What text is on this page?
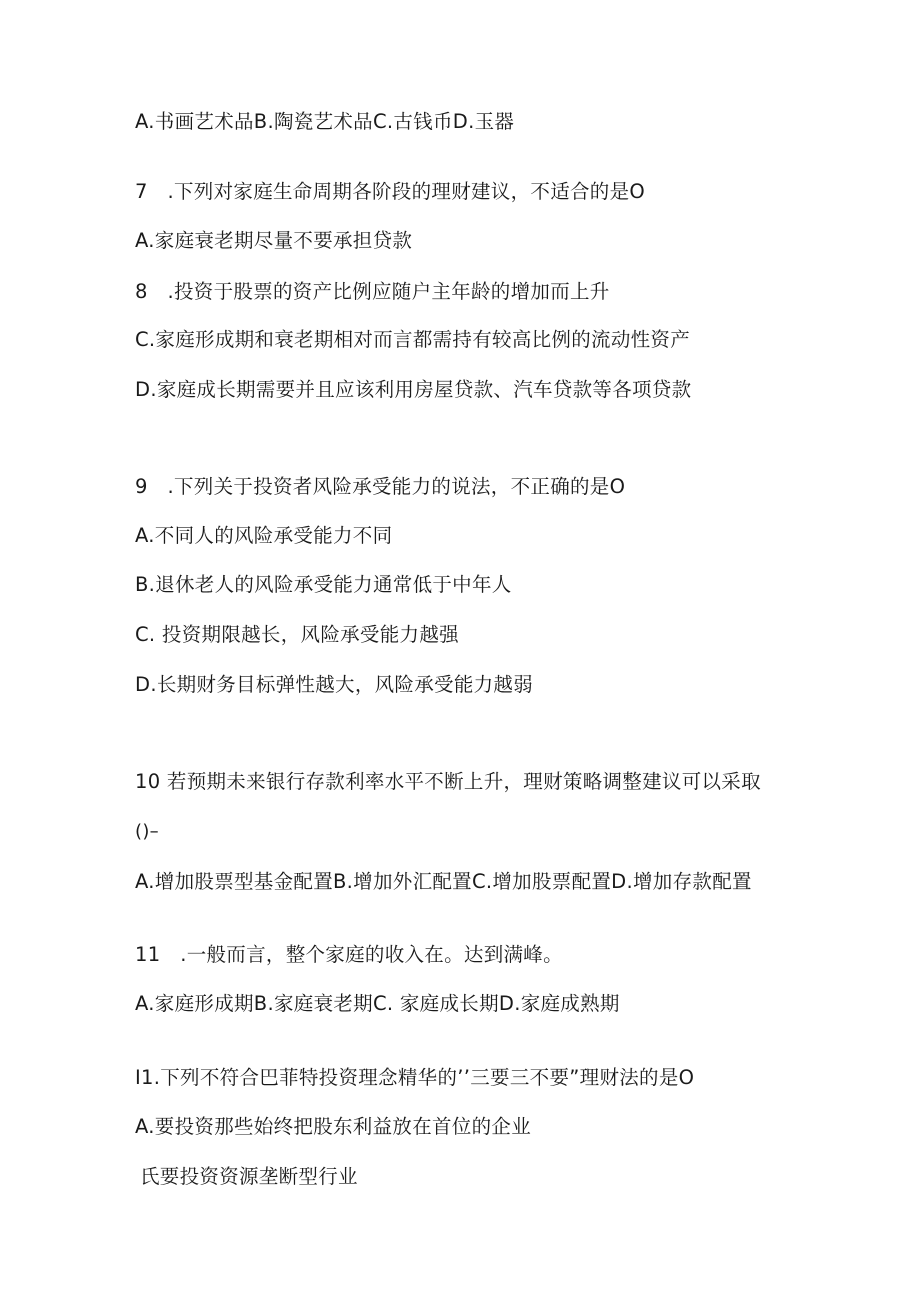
A.书画艺术品B.陶瓷艺术品C.古钱币D.玉器
7　.下列对家庭生命周期各阶段的理财建议，不适合的是O
A.家庭衰老期尽量不要承担贷款
8　.投资于股票的资产比例应随户主年龄的增加而上升
C.家庭形成期和衰老期相对而言都需持有较高比例的流动性资产
D.家庭成长期需要并且应该利用房屋贷款、汽车贷款等各项贷款
9　.下列关于投资者风险承受能力的说法，不正确的是O
A.不同人的风险承受能力不同
B.退休老人的风险承受能力通常低于中年人
C. 投资期限越长，风险承受能力越强
D.长期财务目标弹性越大，风险承受能力越弱
10 若预期未来银行存款利率水平不断上升，理财策略调整建议可以采取
()–
A.增加股票型基金配置B.增加外汇配置C.增加股票配置D.增加存款配置
11　.一般而言，整个家庭的收入在。达到满峰。
A.家庭形成期B.家庭衰老期C. 家庭成长期D.家庭成熟期
I1.下列不符合巴菲特投资理念精华的’’三要三不要”理财法的是O
A.要投资那些始终把股东利益放在首位的企业
氏要投资资源垄断型行业
